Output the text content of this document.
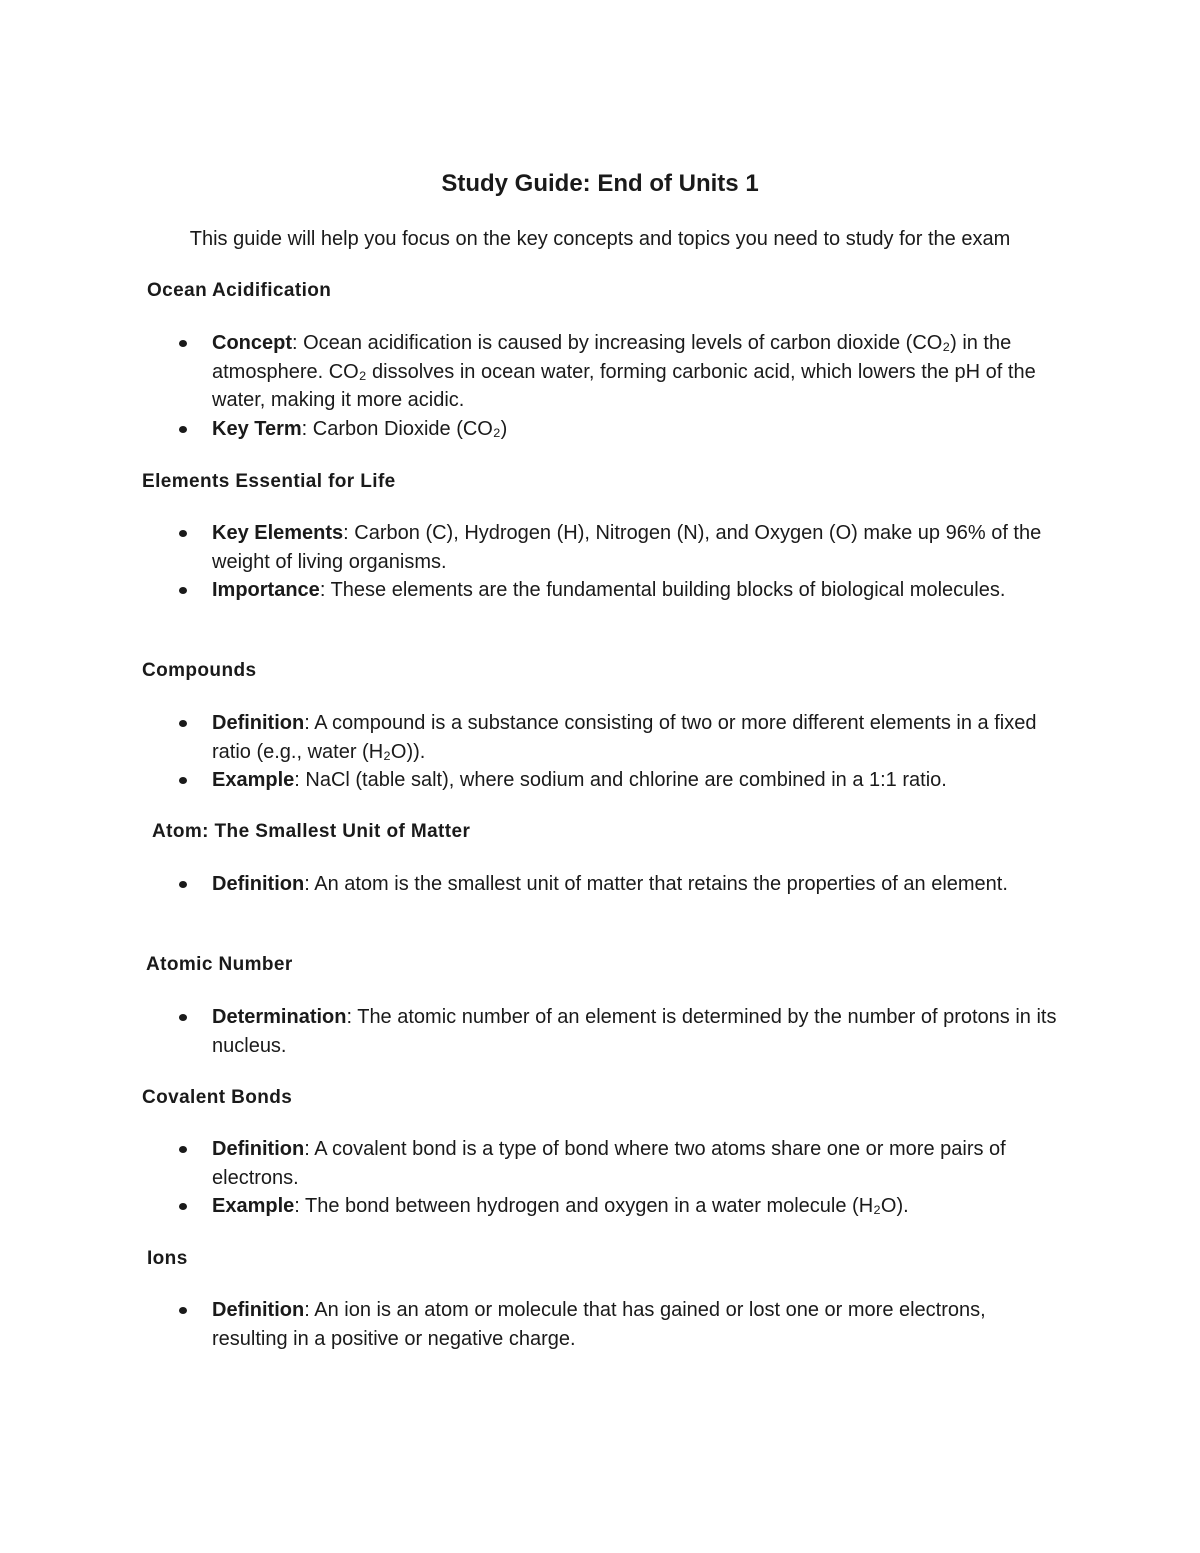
Study Guide: End of Units 1

This guide will help you focus on the key concepts and topics you need to study for the exam

Ocean Acidification
Concept: Ocean acidification is caused by increasing levels of carbon dioxide (CO₂) in the atmosphere. CO₂ dissolves in ocean water, forming carbonic acid, which lowers the pH of the water, making it more acidic.
Key Term: Carbon Dioxide (CO₂)
Elements Essential for Life
Key Elements: Carbon (C), Hydrogen (H), Nitrogen (N), and Oxygen (O) make up 96% of the weight of living organisms.
Importance: These elements are the fundamental building blocks of biological molecules.
Compounds
Definition: A compound is a substance consisting of two or more different elements in a fixed ratio (e.g., water (H₂O)).
Example: NaCl (table salt), where sodium and chlorine are combined in a 1:1 ratio.
Atom: The Smallest Unit of Matter
Definition: An atom is the smallest unit of matter that retains the properties of an element.
Atomic Number
Determination: The atomic number of an element is determined by the number of protons in its nucleus.
Covalent Bonds
Definition: A covalent bond is a type of bond where two atoms share one or more pairs of electrons.
Example: The bond between hydrogen and oxygen in a water molecule (H₂O).
Ions
Definition: An ion is an atom or molecule that has gained or lost one or more electrons, resulting in a positive or negative charge.
